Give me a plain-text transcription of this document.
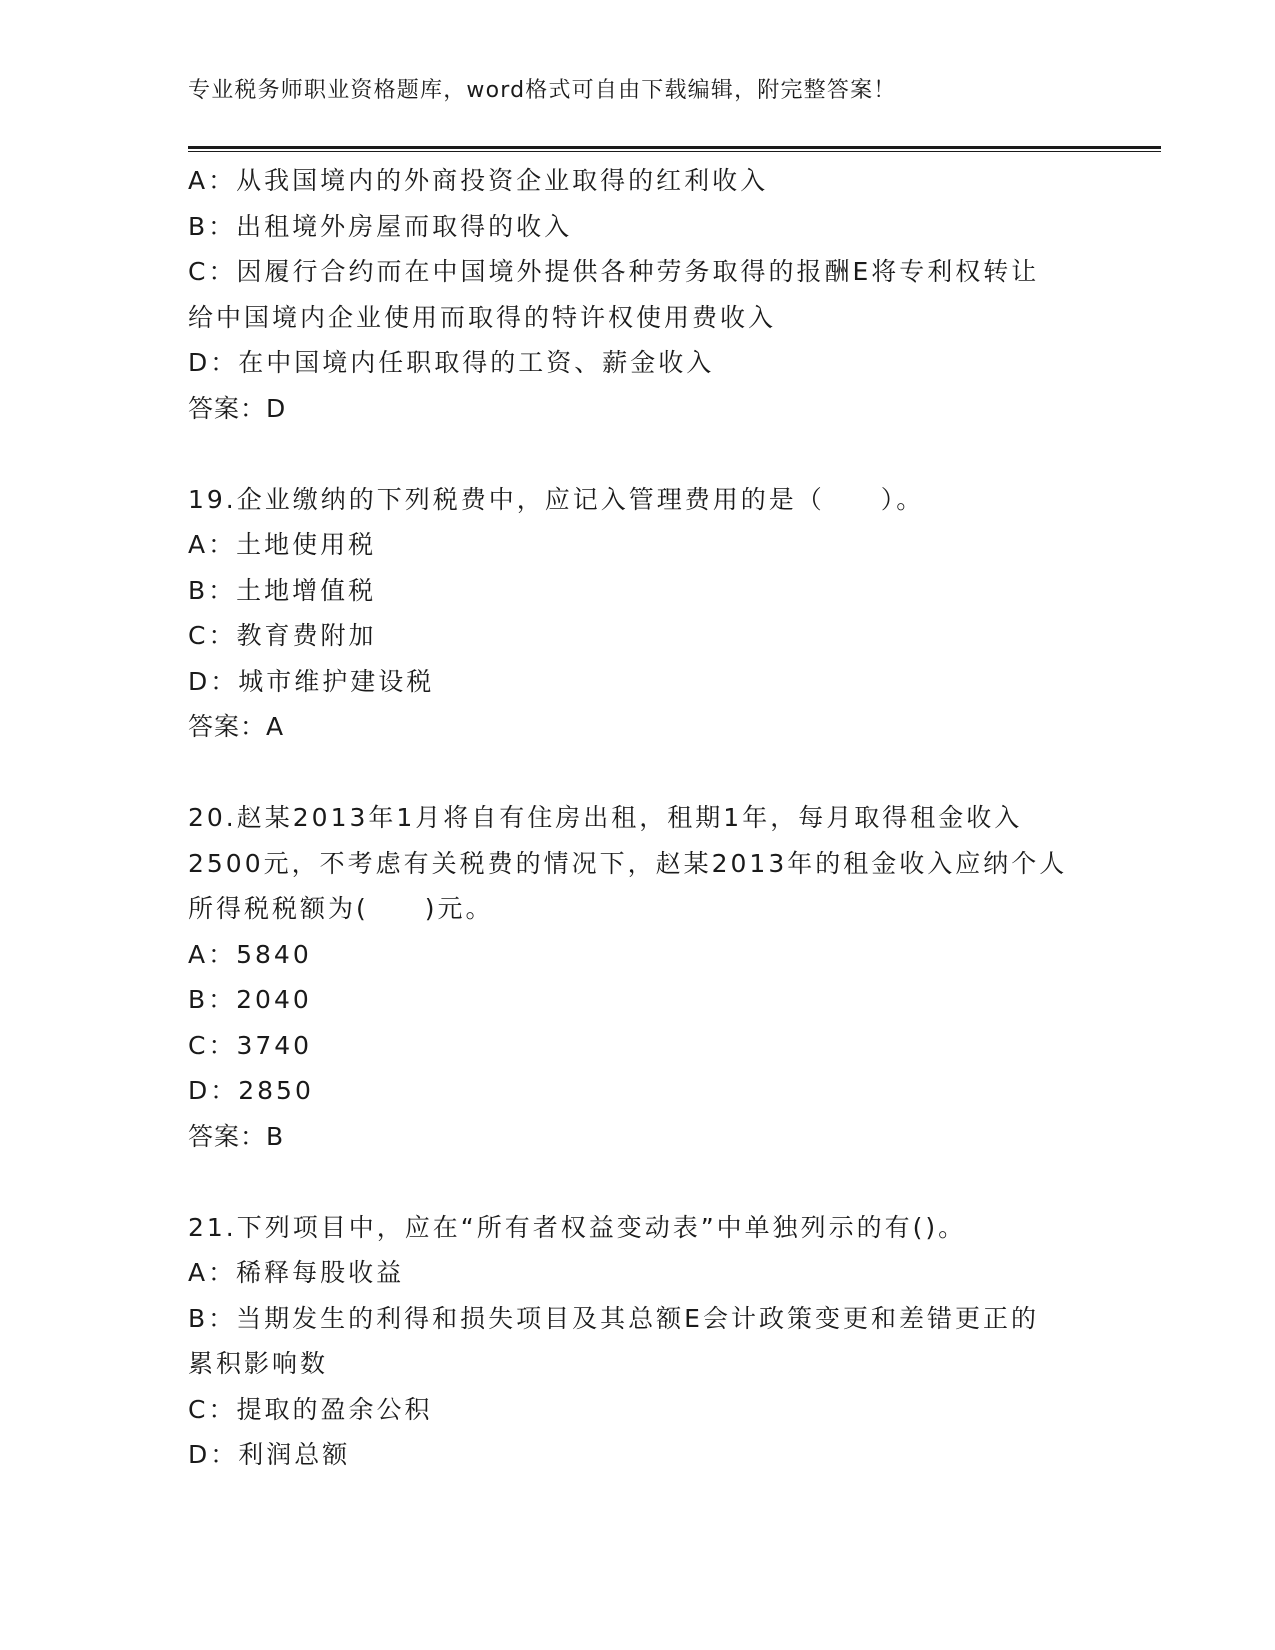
专业税务师职业资格题库，word格式可自由下载编辑，附完整答案！
A：从我国境内的外商投资企业取得的红利收入
B：出租境外房屋而取得的收入
C：因履行合约而在中国境外提供各种劳务取得的报酬E将专利权转让
给中国境内企业使用而取得的特许权使用费收入
D：在中国境内任职取得的工资、薪金收入
答案：D
19.企业缴纳的下列税费中，应记入管理费用的是（　　）。
A：土地使用税
B：土地增值税
C：教育费附加
D：城市维护建设税
答案：A
20.赵某2013年1月将自有住房出租，租期1年，每月取得租金收入
2500元，不考虑有关税费的情况下，赵某2013年的租金收入应纳个人
所得税税额为(　　)元。
A：5840
B：2040
C：3740
D：2850
答案：B
21.下列项目中，应在“所有者权益变动表”中单独列示的有()。
A：稀释每股收益
B：当期发生的利得和损失项目及其总额E会计政策变更和差错更正的
累积影响数
C：提取的盈余公积
D：利润总额
